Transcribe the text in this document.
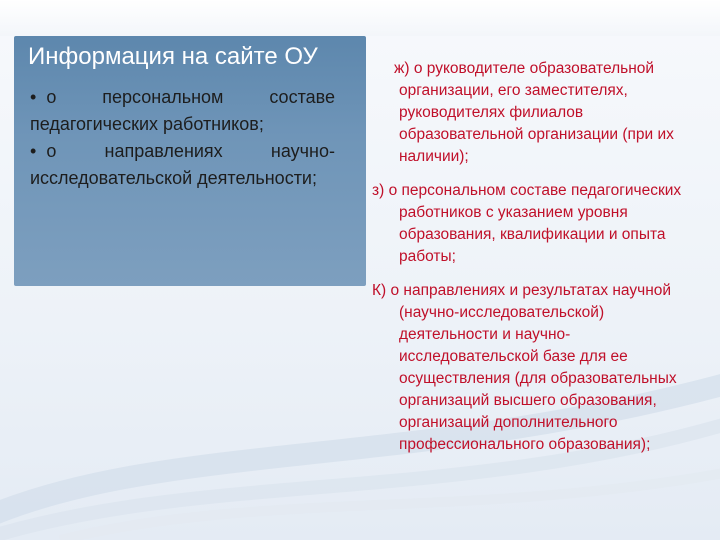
Информация на сайте ОУ
• о персональном составе педагогических работников;
• о направлениях научно-исследовательской деятельности;
ж) о руководителе образовательной организации, его заместителях, руководителях филиалов образовательной организации (при их наличии);
з) о персональном составе педагогических работников с указанием уровня образования, квалификации и опыта работы;
К) о направлениях и результатах научной (научно-исследовательской) деятельности и научно-исследовательской базе для ее осуществления (для образовательных организаций высшего образования, организаций дополнительного профессионального образования);
